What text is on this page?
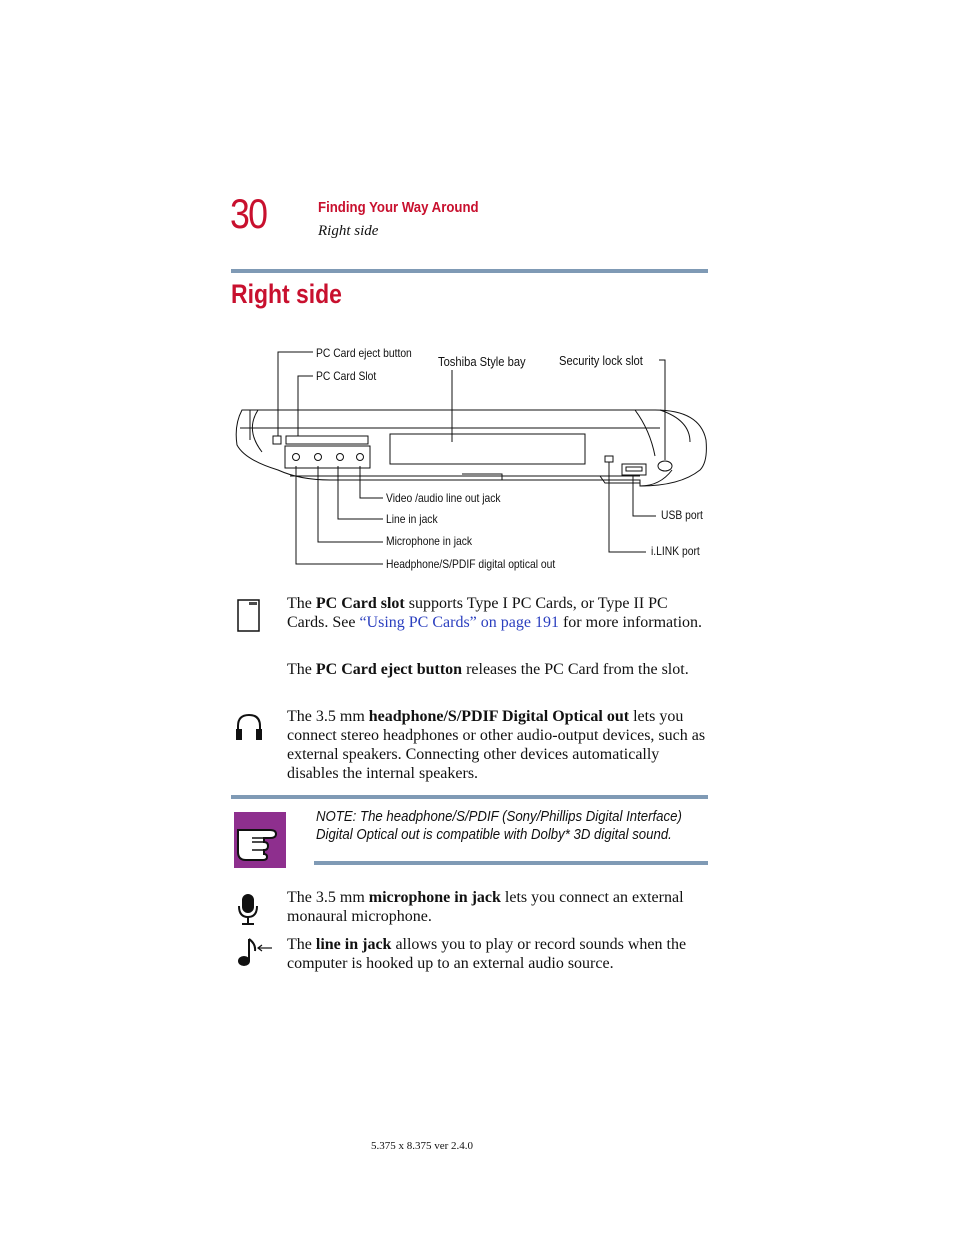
30	Finding Your Way Around
Right side
Right side
PC Card eject button
PC Card Slot
Toshiba Style bay	Security lock slot
Video /audio line out jack
Line in jack
Microphone in jack
Headphone/S/PDIF digital optical out
USB port
i.LINK port
The PC Card slot supports Type I PC Cards, or Type II PC Cards. See “Using PC Cards” on page 191 for more information.
The PC Card eject button releases the PC Card from the slot.
The 3.5 mm headphone/S/PDIF Digital Optical out lets you connect stereo headphones or other audio-output devices, such as external speakers. Connecting other devices automatically disables the internal speakers.
NOTE: The headphone/S/PDIF (Sony/Phillips Digital Interface) Digital Optical out is compatible with Dolby* 3D digital sound.
The 3.5 mm microphone in jack lets you connect an external monaural microphone.
The line in jack allows you to play or record sounds when the computer is hooked up to an external audio source.
5.375 x 8.375 ver 2.4.0
